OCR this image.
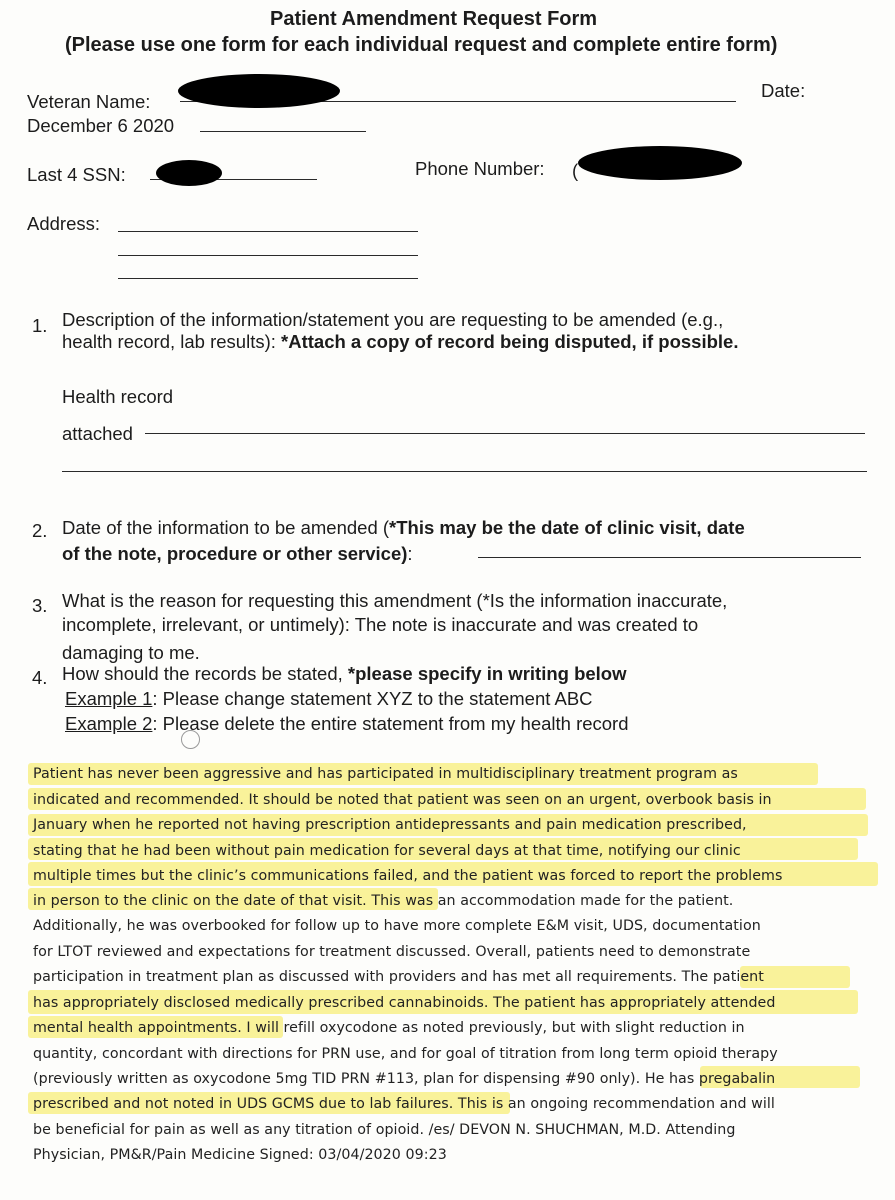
Patient Amendment Request Form
(Please use one form for each individual request and complete entire form)
Veteran Name:
Date:
December 6 2020
Last 4 SSN:	Phone Number: (
Address:
1. Description of the information/statement you are requesting to be amended (e.g.,
health record, lab results): *Attach a copy of record being disputed, if possible.
Health record
attached
2. Date of the information to be amended (*This may be the date of clinic visit, date
of the note, procedure or other service):
3. What is the reason for requesting this amendment (*Is the information inaccurate,
incomplete, irrelevant, or untimely): The note is inaccurate and was created to
damaging to me.
4. How should the records be stated, *please specify in writing below
Example 1: Please change statement XYZ to the statement ABC
Example 2: Please delete the entire statement from my health record
Patient has never been aggressive and has participated in multidisciplinary treatment program as
indicated and recommended. It should be noted that patient was seen on an urgent, overbook basis in
January when he reported not having prescription antidepressants and pain medication prescribed,
stating that he had been without pain medication for several days at that time, notifying our clinic
multiple times but the clinic’s communications failed, and the patient was forced to report the problems
in person to the clinic on the date of that visit. This was an accommodation made for the patient.
Additionally, he was overbooked for follow up to have more complete E&M visit, UDS, documentation
for LTOT reviewed and expectations for treatment discussed. Overall, patients need to demonstrate
participation in treatment plan as discussed with providers and has met all requirements. The patient
has appropriately disclosed medically prescribed cannabinoids. The patient has appropriately attended
mental health appointments. I will refill oxycodone as noted previously, but with slight reduction in
quantity, concordant with directions for PRN use, and for goal of titration from long term opioid therapy
(previously written as oxycodone 5mg TID PRN #113, plan for dispensing #90 only). He has pregabalin
prescribed and not noted in UDS GCMS due to lab failures. This is an ongoing recommendation and will
be beneficial for pain as well as any titration of opioid. /es/ DEVON N. SHUCHMAN, M.D. Attending
Physician, PM&R/Pain Medicine Signed: 03/04/2020 09:23
